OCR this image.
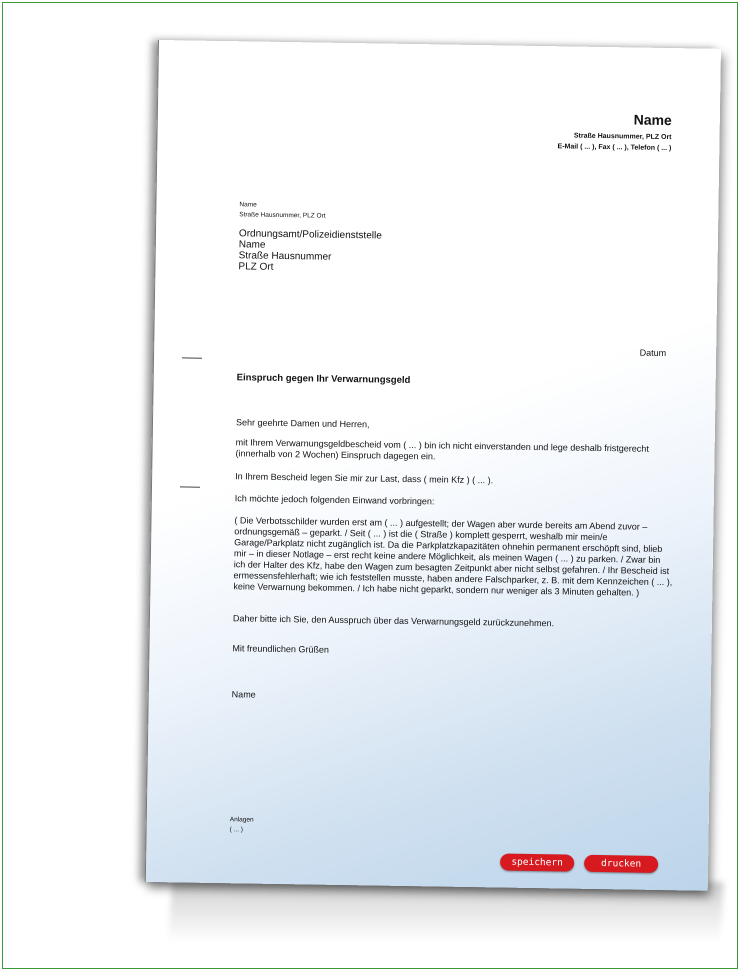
Name
Straße Hausnummer, PLZ Ort
E-Mail ( ... ), Fax ( ... ), Telefon ( ... )
Name
Straße Hausnummer, PLZ Ort
Ordnungsamt/Polizeidienststelle
Name
Straße Hausnummer
PLZ Ort
Datum
Einspruch gegen Ihr Verwarnungsgeld
Sehr geehrte Damen und Herren,
mit Ihrem Verwarnungsgeldbescheid vom ( ... ) bin ich nicht einverstanden und lege deshalb fristgerecht (innerhalb von 2 Wochen) Einspruch dagegen ein.
In Ihrem Bescheid legen Sie mir zur Last, dass ( mein Kfz ) ( ... ).
Ich möchte jedoch folgenden Einwand vorbringen:
( Die Verbotsschilder wurden erst am ( ... ) aufgestellt; der Wagen aber wurde bereits am Abend zuvor – ordnungsgemäß – geparkt. / Seit ( ... ) ist die ( Straße ) komplett gesperrt, weshalb mir mein/e Garage/Parkplatz nicht zugänglich ist. Da die Parkplatzkapazitäten ohnehin permanent erschöpft sind, blieb mir – in dieser Notlage – erst recht keine andere Möglichkeit, als meinen Wagen ( ... ) zu parken. / Zwar bin ich der Halter des Kfz, habe den Wagen zum besagten Zeitpunkt aber nicht selbst gefahren. / Ihr Bescheid ist ermessensfehlerhaft; wie ich feststellen musste, haben andere Falschparker, z. B. mit dem Kennzeichen ( ... ), keine Verwarnung bekommen. / Ich habe nicht geparkt, sondern nur weniger als 3 Minuten gehalten. )
Daher bitte ich Sie, den Ausspruch über das Verwarnungsgeld zurückzunehmen.
Mit freundlichen Grüßen
Name
Anlagen
( ... )
speichern	drucken
